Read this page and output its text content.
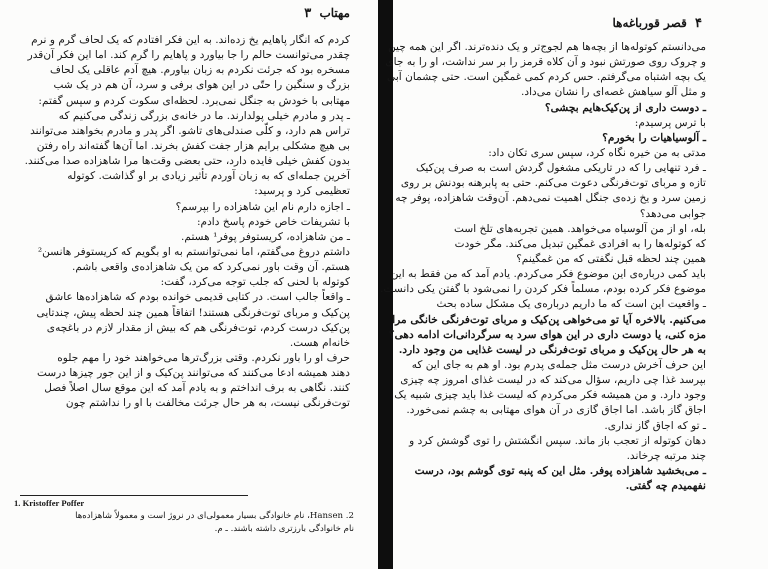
مهتاب ۳
کردم که انگار پاهایم یخ زده‌اند. به این فکر افتادم که یک لحاف گرم و نرم
چقدر می‌توانست حالم را جا بیاورد و پاهایم را گرم کند. اما این فکر آن‌قدر
مسخره بود که جرئت نکردم به زبان بیاورم. هیچ آدم عاقلی یک لحاف
بزرگ و سنگین را حتّی در این هوای برفی و سرد، آن هم در یک شب
مهتابی با خودش به جنگل نمی‌برد. لحظه‌ای سکوت کردم و سپس گفتم:
ـ پدر و مادرم خیلی پولدارند. ما در خانه‌ی بزرگی زندگی می‌کنیم که
تراس هم دارد، و کلّی صندلی‌های تاشو. اگر پدر و مادرم بخواهند می‌توانند
بی هیچ مشکلی برایم هزار جفت کفش بخرند. اما آن‌ها گفته‌اند راه رفتن
بدون کفش خیلی فایده دارد، حتی بعضی وقت‌ها مرا شاهزاده صدا می‌کنند.
آخرین جمله‌ای که به زبان آوردم تأثیر زیادی بر او گذاشت. کوتوله
تعظیمی کرد و پرسید:
ـ اجازه دارم نام این شاهزاده را بپرسم؟
با تشریفات خاص خودم پاسخ دادم:
ـ من شاهزاده، کریستوفر پوفر¹ هستم.
داشتم دروغ می‌گفتم، اما نمی‌توانستم به او بگویم که کریستوفر هانسن²
هستم. آن وقت باور نمی‌کرد که من یک شاهزاده‌ی واقعی باشم.
کوتوله با لحنی که جلب توجه می‌کرد، گفت:
ـ واقعاً جالب است. در کتابی قدیمی خوانده بودم که شاهزاده‌ها عاشق
پن‌کیک و مربای توت‌فرنگی هستند! اتفاقاً همین چند لحظه پیش، چندتایی
پن‌کیک درست کردم، توت‌فرنگی هم که بیش از مقدار لازم در باغچه‌ی
خانه‌ام هست.
حرف او را باور نکردم. وقتی بزرگ‌ترها می‌خواهند خود را مهم جلوه
دهند همیشه ادعا می‌کنند که می‌توانند پن‌کیک و از این جور چیزها درست
کنند. نگاهی به برف انداختم و به یادم آمد که این موقع سال اصلاً فصل
توت‌فرنگی نیست، به هر حال جرئت مخالفت با او را نداشتم چون
1. Kristoffer Poffer
2. Hansen، نام خانوادگی بسیار معمولی‌ای در نروژ است و معمولاً شاهزاده‌ها
نام خانوادگی بارزتری داشته باشند. ـ م.
۴ قصر قورباغه‌ها
می‌دانستم کوتوله‌ها از بچه‌ها هم لجوج‌تر و یک دنده‌ترند. اگر این همه چین
و چروک روی صورتش نبود و آن کلاه قرمز را بر سر نداشت، او را به جای
یک بچه اشتباه می‌گرفتم. حس کردم کمی غمگین است. حتی چشمان آبی
و مثل آلو سیاهش غصه‌ای را نشان می‌داد.
ـ دوست داری از پن‌کیک‌هایم بچشی؟
با ترس پرسیدم:
ـ آلوسیاهیات را بخورم؟
مدتی به من خیره نگاه کرد، سپس سری تکان داد:
ـ فرد تنهایی را که در تاریکی مشغول گردش است به صرف پن‌کیک
تازه و مربای توت‌فرنگی دعوت می‌کنم. حتی به پابرهنه بودنش بر روی
زمین سرد و یخ زده‌ی جنگل اهمیت نمی‌دهم. آن‌وقت شاهزاده، پوفر چه
جوابی می‌دهد؟
بله، او از من آلوسیاه می‌خواهد. همین تجربه‌های تلخ است
که کوتوله‌ها را به افرادی غمگین تبدیل می‌کند. مگر خودت
همین چند لحظه قبل نگفتی که من غمگینم؟
باید کمی درباره‌ی این موضوع فکر می‌کردم. یادم آمد که من فقط به این
موضوع فکر کرده بودم، مسلماً فکر کردن را نمی‌شود با گفتن یکی دانست.
ـ واقعیت این است که ما داریم درباره‌ی یک مشکل ساده بحث
می‌کنیم. بالاخره آیا تو می‌خواهی پن‌کیک و مربای توت‌فرنگی خانگی مرا
مزه کنی، یا دوست داری در این هوای سرد به سرگردانی‌ات ادامه دهی؟
به هر حال پن‌کیک و مربای توت‌فرنگی در لیست غذایی من وجود دارد.
این حرف آخرش درست مثل جمله‌ی پدرم بود. او هم به جای این که
بپرسد غذا چی داریم، سؤال می‌کند که در لیست غذای امروز چه چیزی
وجود دارد. و من همیشه فکر می‌کردم که لیست غذا باید چیزی شبیه یک
اجاق گاز باشد. اما اجاق گازی در آن هوای مهتابی به چشم نمی‌خورد.
ـ تو که اجاق گاز نداری.
دهان کوتوله از تعجب باز ماند. سپس انگشتش را توی گوشش کرد و
چند مرتبه چرخاند.
ـ می‌بخشید شاهزاده پوفر. مثل این که پنبه توی گوشم بود، درست
نفهمیدم چه گفتی.
